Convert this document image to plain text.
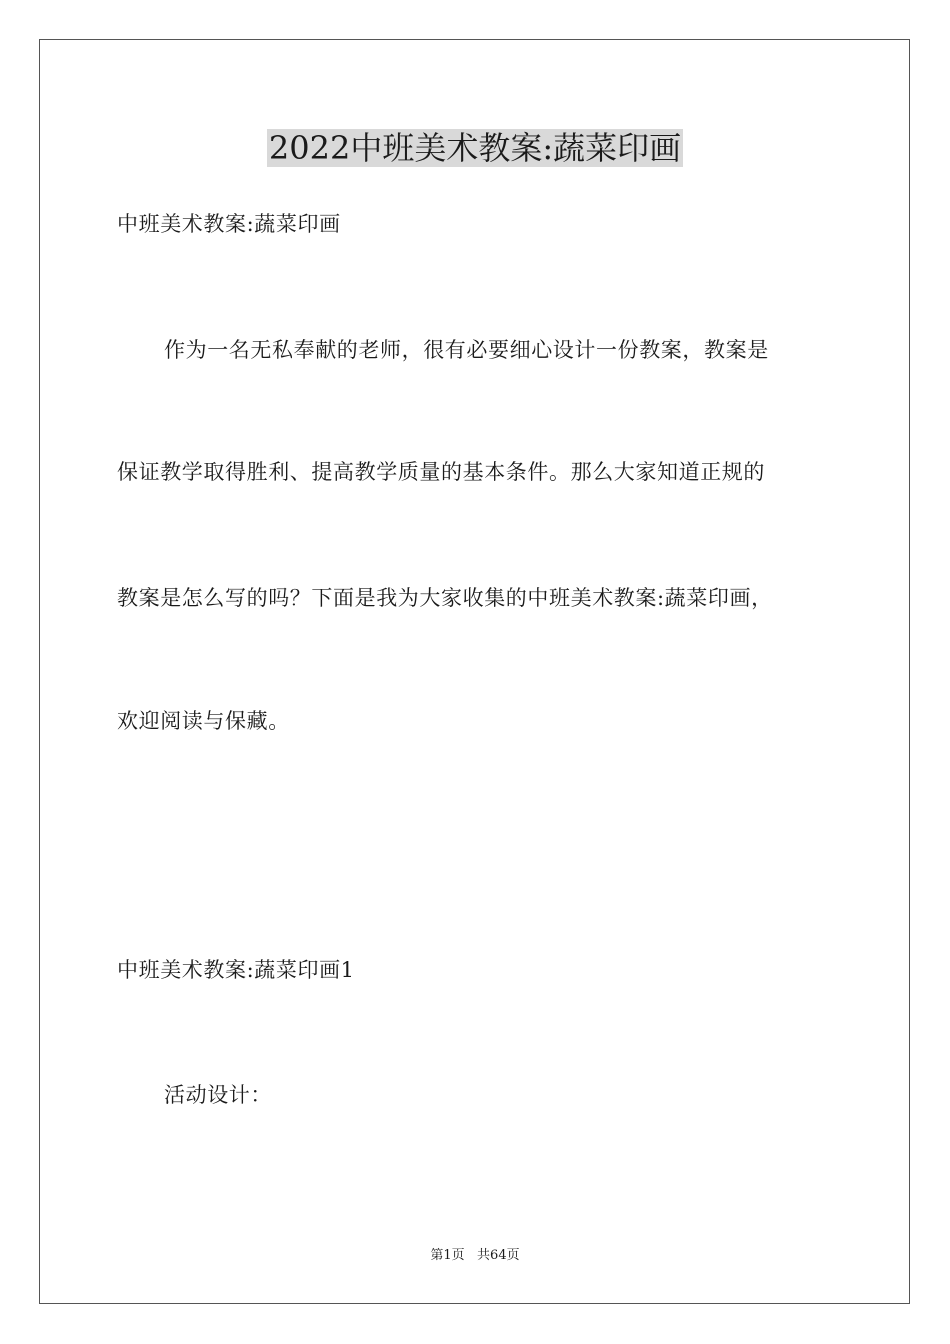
2022中班美术教案:蔬菜印画

中班美术教案:蔬菜印画

作为一名无私奉献的老师，很有必要细心设计一份教案，教案是

保证教学取得胜利、提高教学质量的基本条件。那么大家知道正规的

教案是怎么写的吗？下面是我为大家收集的中班美术教案:蔬菜印画，

欢迎阅读与保藏。

中班美术教案:蔬菜印画1

活动设计：

第1页   共64页
